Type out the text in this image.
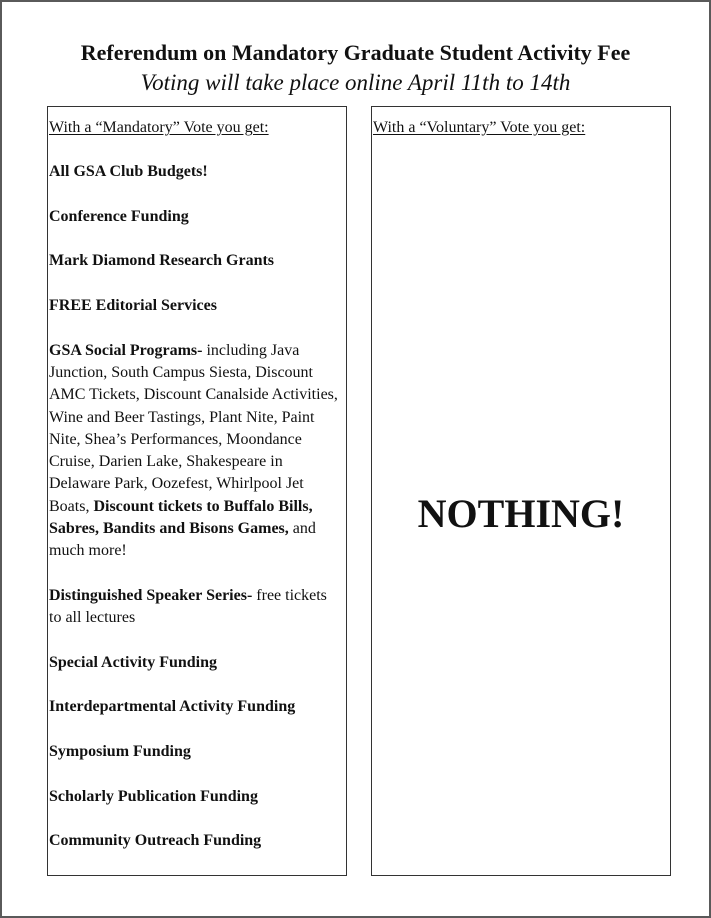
Referendum on Mandatory Graduate Student Activity Fee

Voting will take place online April 11th to 14th

With a “Mandatory” Vote you get:

All GSA Club Budgets!
Conference Funding
Mark Diamond Research Grants
FREE Editorial Services
GSA Social Programs- including Java Junction, South Campus Siesta, Discount AMC Tickets, Discount Canalside Activities, Wine and Beer Tastings, Plant Nite, Paint Nite, Shea’s Performances, Moondance Cruise, Darien Lake, Shakespeare in Delaware Park, Oozefest, Whirlpool Jet Boats, Discount tickets to Buffalo Bills, Sabres, Bandits and Bisons Games, and much more!
Distinguished Speaker Series- free tickets to all lectures
Special Activity Funding
Interdepartmental Activity Funding
Symposium Funding
Scholarly Publication Funding
Community Outreach Funding

With a “Voluntary” Vote you get:

NOTHING!
